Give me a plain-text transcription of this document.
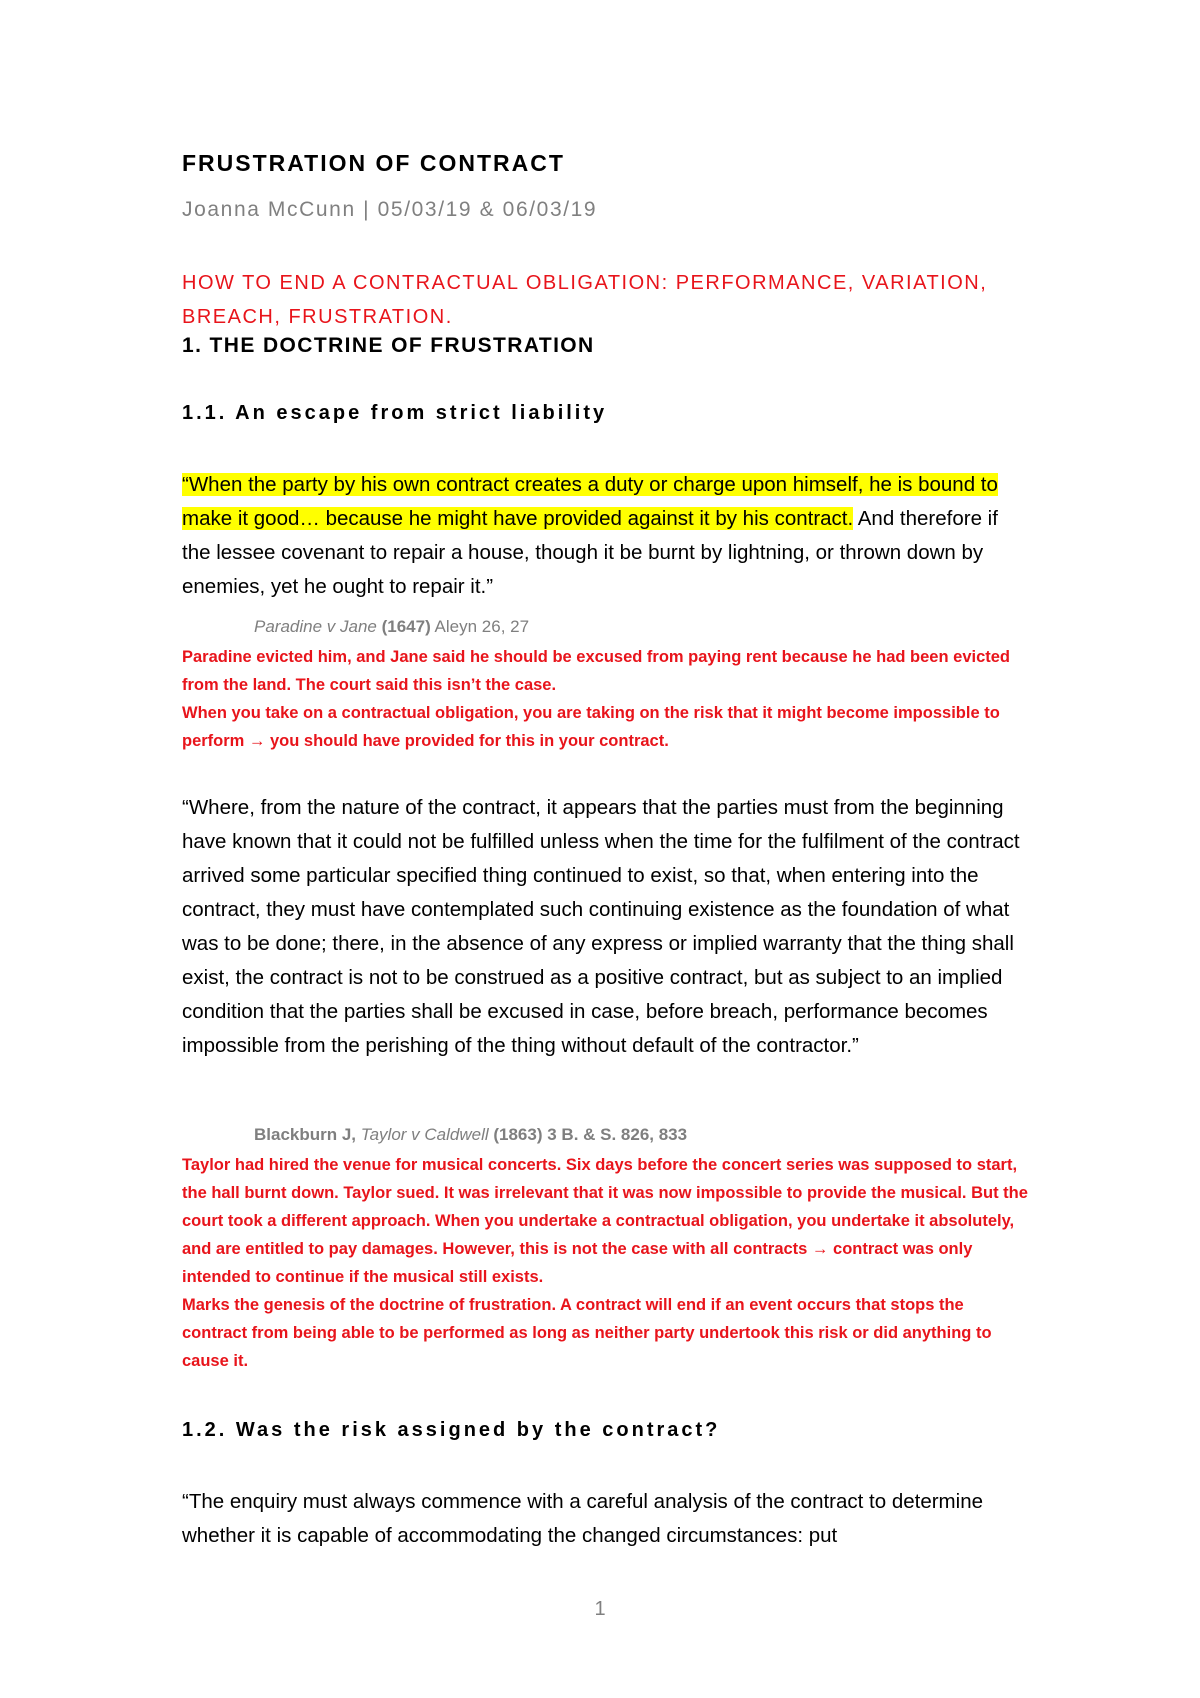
FRUSTRATION OF CONTRACT
Joanna McCunn | 05/03/19 & 06/03/19
HOW TO END A CONTRACTUAL OBLIGATION: PERFORMANCE, VARIATION, BREACH, FRUSTRATION.
1. THE DOCTRINE OF FRUSTRATION
1.1. An escape from strict liability
“When the party by his own contract creates a duty or charge upon himself, he is bound to make it good… because he might have provided against it by his contract. And therefore if the lessee covenant to repair a house, though it be burnt by lightning, or thrown down by enemies, yet he ought to repair it.”
Paradine v Jane (1647) Aleyn 26, 27

Paradine evicted him, and Jane said he should be excused from paying rent because he had been evicted from the land. The court said this isn’t the case.

When you take on a contractual obligation, you are taking on the risk that it might become impossible to perform → you should have provided for this in your contract.

“Where, from the nature of the contract, it appears that the parties must from the beginning have known that it could not be fulfilled unless when the time for the fulfilment of the contract arrived some particular specified thing continued to exist, so that, when entering into the contract, they must have contemplated such continuing existence as the foundation of what was to be done; there, in the absence of any express or implied warranty that the thing shall exist, the contract is not to be construed as a positive contract, but as subject to an implied condition that the parties shall be excused in case, before breach, performance becomes impossible from the perishing of the thing without default of the contractor.”
Blackburn J, Taylor v Caldwell (1863) 3 B. & S. 826, 833

Taylor had hired the venue for musical concerts. Six days before the concert series was supposed to start, the hall burnt down. Taylor sued. It was irrelevant that it was now impossible to provide the musical. But the court took a different approach. When you undertake a contractual obligation, you undertake it absolutely, and are entitled to pay damages. However, this is not the case with all contracts → contract was only intended to continue if the musical still exists.

Marks the genesis of the doctrine of frustration. A contract will end if an event occurs that stops the contract from being able to be performed as long as neither party undertook this risk or did anything to cause it.

1.2. Was the risk assigned by the contract?
“The enquiry must always commence with a careful analysis of the contract to determine whether it is capable of accommodating the changed circumstances: put
1
